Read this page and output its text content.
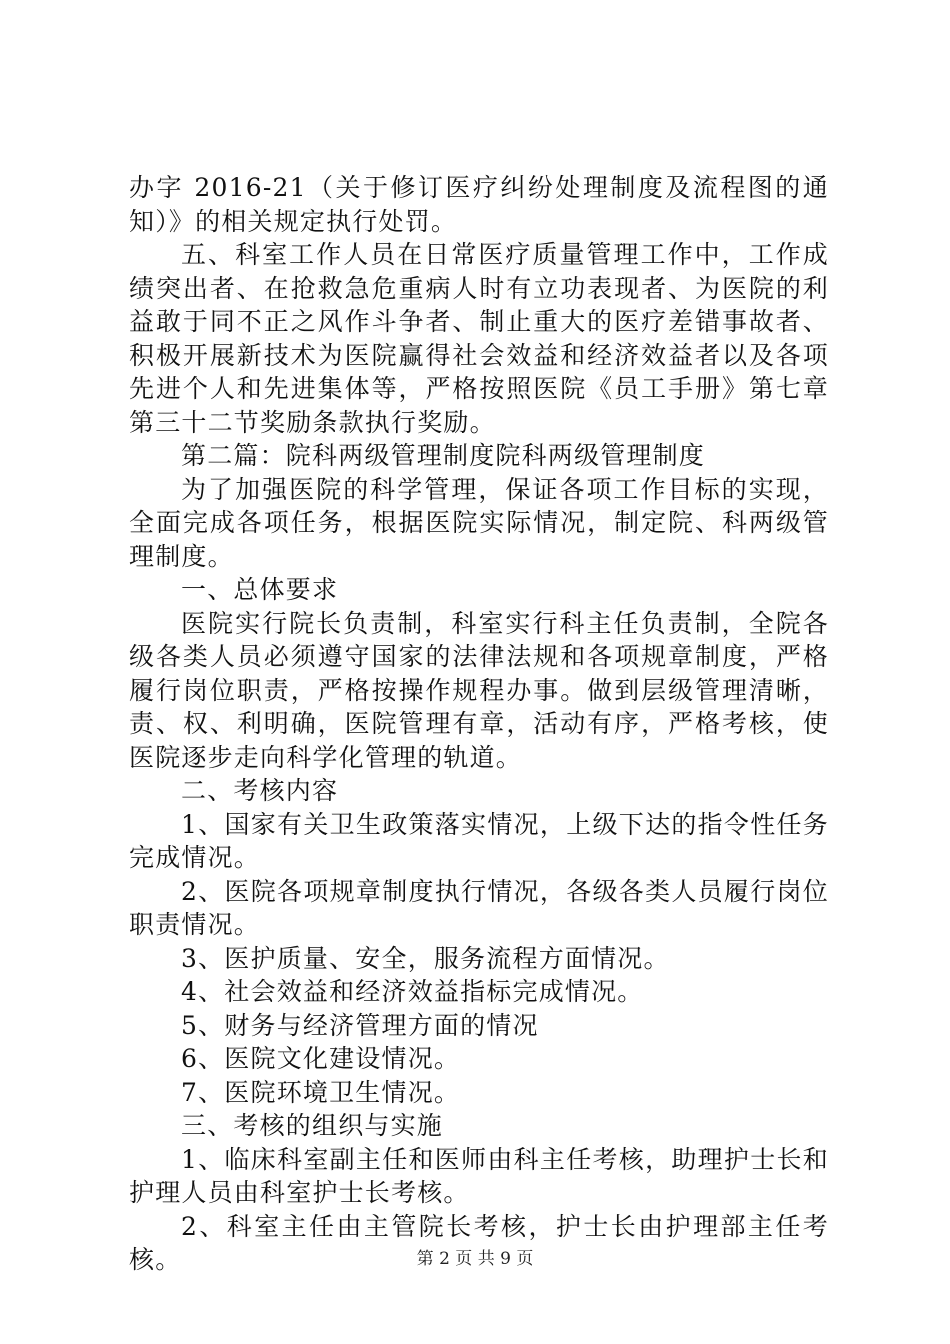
办字 2016-21（关于修订医疗纠纷处理制度及流程图的通知）》的相关规定执行处罚。

五、科室工作人员在日常医疗质量管理工作中，工作成绩突出者、在抢救急危重病人时有立功表现者、为医院的利益敢于同不正之风作斗争者、制止重大的医疗差错事故者、积极开展新技术为医院赢得社会效益和经济效益者以及各项先进个人和先进集体等，严格按照医院《员工手册》第七章第三十二节奖励条款执行奖励。

第二篇：院科两级管理制度院科两级管理制度

为了加强医院的科学管理，保证各项工作目标的实现，全面完成各项任务，根据医院实际情况，制定院、科两级管理制度。

一、总体要求

医院实行院长负责制，科室实行科主任负责制，全院各级各类人员必须遵守国家的法律法规和各项规章制度，严格履行岗位职责，严格按操作规程办事。做到层级管理清晰，责、权、利明确，医院管理有章，活动有序，严格考核，使医院逐步走向科学化管理的轨道。

二、考核内容

1、国家有关卫生政策落实情况，上级下达的指令性任务完成情况。

2、医院各项规章制度执行情况，各级各类人员履行岗位职责情况。

3、医护质量、安全，服务流程方面情况。

4、社会效益和经济效益指标完成情况。

5、财务与经济管理方面的情况

6、医院文化建设情况。

7、医院环境卫生情况。

三、考核的组织与实施

1、临床科室副主任和医师由科主任考核，助理护士长和护理人员由科室护士长考核。

2、科室主任由主管院长考核，护士长由护理部主任考核。	第 2 页 共 9 页
